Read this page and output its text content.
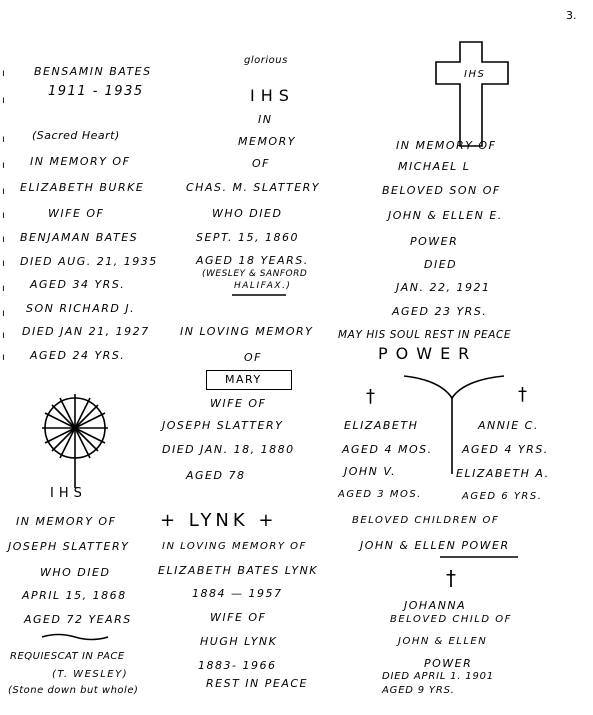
3.
ı
ı
ı
ı
ı
ı
ı
ı
ı
ı
ı
ı
BENSAMIN BATES
1911 - 1935
(Sacred Heart)
IN MEMORY OF
ELIZABETH BURKE
WIFE OF
BENJAMAN BATES
DIED AUG. 21, 1935
AGED 34 YRS.
SON RICHARD J.
DIED JAN 21, 1927
AGED 24 YRS.
IHS
IN MEMORY OF
JOSEPH SLATTERY
WHO DIED
APRIL 15, 1868
AGED 72 YEARS
REQUIESCAT IN PACE
(T. WESLEY)
(Stone down but whole)
glorious
IHS
IN
MEMORY
OF
CHAS. M. SLATTERY
WHO DIED
SEPT. 15, 1860
AGED 18 YEARS.
(WESLEY & SANFORD
HALIFAX.)
IN LOVING MEMORY
OF
MARY
WIFE OF
JOSEPH SLATTERY
DIED JAN. 18, 1880
AGED 78
+ LYNK +
IN LOVING MEMORY OF
ELIZABETH BATES LYNK
1884 — 1957
WIFE OF
HUGH LYNK
1883- 1966
REST IN PEACE
IHS
IN MEMORY OF
MICHAEL L
BELOVED SON OF
JOHN & ELLEN E.
POWER
DIED
JAN. 22, 1921
AGED 23 YRS.
MAY HIS SOUL REST IN PEACE
POWER
†	†
ELIZABETH
AGED 4 MOS.
JOHN V.
AGED 3 MOS.
ANNIE C.
AGED 4 YRS.
ELIZABETH A.
AGED 6 YRS.
BELOVED CHILDREN OF
JOHN & ELLEN POWER
†
JOHANNA
BELOVED CHILD OF
JOHN & ELLEN
POWER
DIED APRIL 1. 1901
AGED 9 YRS.
